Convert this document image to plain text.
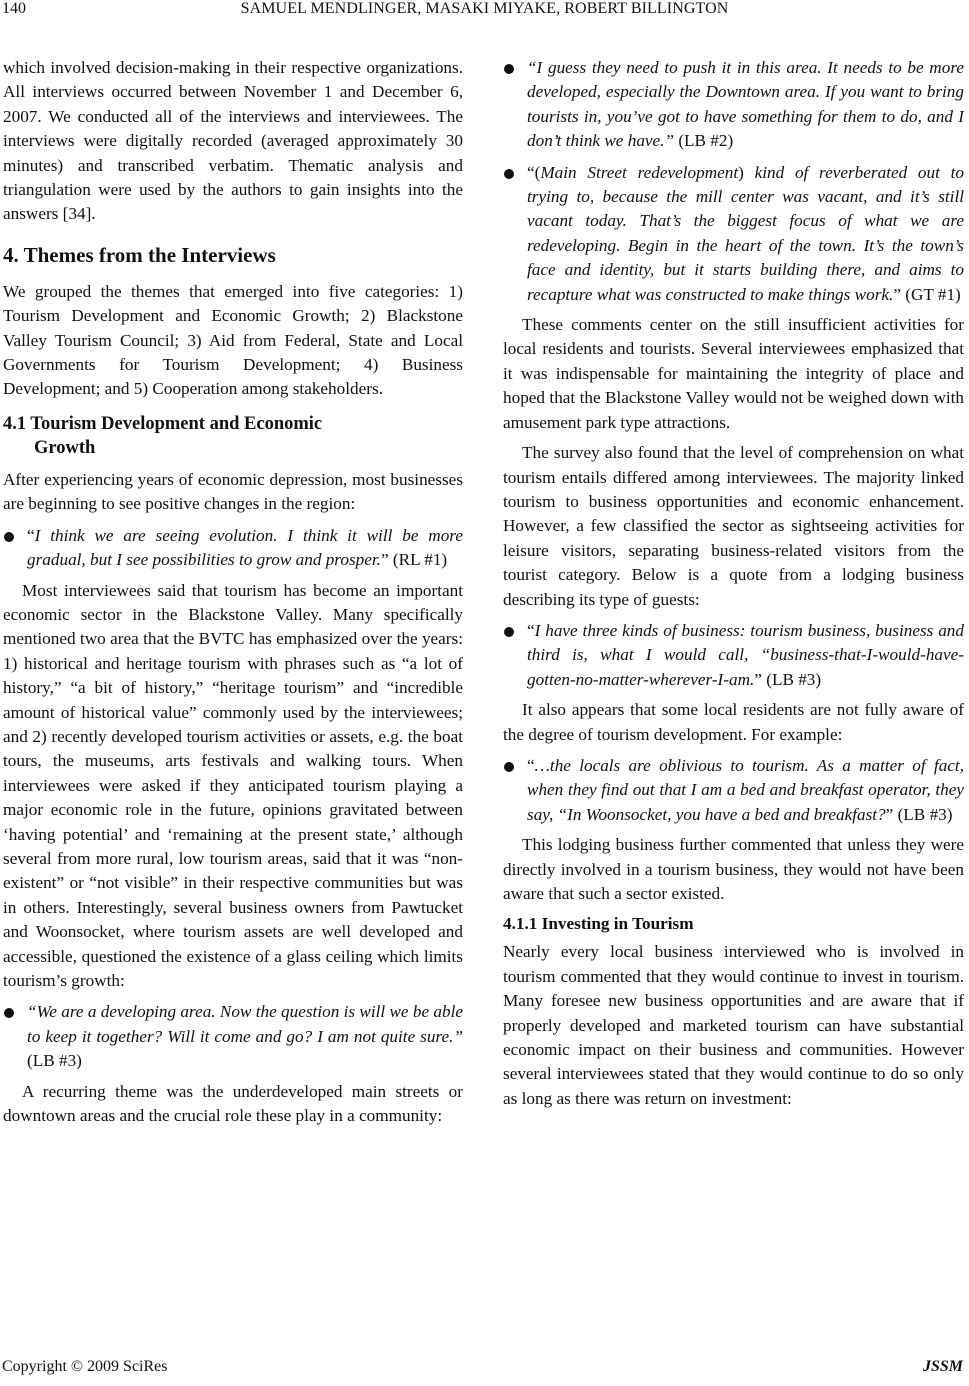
140	SAMUEL MENDLINGER, MASAKI MIYAKE, ROBERT BILLINGTON

which involved decision-making in their respective organizations. All interviews occurred between November 1 and December 6, 2007. We conducted all of the interviews and interviewees. The interviews were digitally recorded (averaged approximately 30 minutes) and transcribed verbatim. Thematic analysis and triangulation were used by the authors to gain insights into the answers [34].

4. Themes from the Interviews

We grouped the themes that emerged into five categories: 1) Tourism Development and Economic Growth; 2) Blackstone Valley Tourism Council; 3) Aid from Federal, State and Local Governments for Tourism Development; 4) Business Development; and 5) Cooperation among stakeholders.

4.1 Tourism Development and Economic
Growth

After experiencing years of economic depression, most businesses are beginning to see positive changes in the region:

“I think we are seeing evolution. I think it will be more gradual, but I see possibilities to grow and prosper.” (RL #1)

Most interviewees said that tourism has become an important economic sector in the Blackstone Valley. Many specifically mentioned two area that the BVTC has emphasized over the years: 1) historical and heritage tourism with phrases such as “a lot of history,” “a bit of history,” “heritage tourism” and “incredible amount of historical value” commonly used by the interviewees; and 2) recently developed tourism activities or assets, e.g. the boat tours, the museums, arts festivals and walking tours. When interviewees were asked if they anticipated tourism playing a major economic role in the future, opinions gravitated between ‘having potential’ and ‘remaining at the present state,’ although several from more rural, low tourism areas, said that it was “non-existent” or “not visible” in their respective communities but was in others. Interestingly, several business owners from Pawtucket and Woonsocket, where tourism assets are well developed and accessible, questioned the existence of a glass ceiling which limits tourism’s growth:

“We are a developing area. Now the question is will we be able to keep it together? Will it come and go? I am not quite sure.” (LB #3)

A recurring theme was the underdeveloped main streets or downtown areas and the crucial role these play in a community:

“I guess they need to push it in this area. It needs to be more developed, especially the Downtown area. If you want to bring tourists in, you’ve got to have something for them to do, and I don’t think we have.” (LB #2)
“(Main Street redevelopment) kind of reverberated out to trying to, because the mill center was vacant, and it’s still vacant today. That’s the biggest focus of what we are redeveloping. Begin in the heart of the town. It’s the town’s face and identity, but it starts building there, and aims to recapture what was constructed to make things work.” (GT #1)

These comments center on the still insufficient activities for local residents and tourists. Several interviewees emphasized that it was indispensable for maintaining the integrity of place and hoped that the Blackstone Valley would not be weighed down with amusement park type attractions.

The survey also found that the level of comprehension on what tourism entails differed among interviewees. The majority linked tourism to business opportunities and economic enhancement. However, a few classified the sector as sightseeing activities for leisure visitors, separating business-related visitors from the tourist category. Below is a quote from a lodging business describing its type of guests:

“I have three kinds of business: tourism business, business and third is, what I would call, “business-that-I-would-have-gotten-no-matter-wherever-I-am.” (LB #3)

It also appears that some local residents are not fully aware of the degree of tourism development. For example:

“…the locals are oblivious to tourism. As a matter of fact, when they find out that I am a bed and breakfast operator, they say, “In Woonsocket, you have a bed and breakfast?” (LB #3)

This lodging business further commented that unless they were directly involved in a tourism business, they would not have been aware that such a sector existed.

4.1.1 Investing in Tourism

Nearly every local business interviewed who is involved in tourism commented that they would continue to invest in tourism. Many foresee new business opportunities and are aware that if properly developed and marketed tourism can have substantial economic impact on their business and communities. However several interviewees stated that they would continue to do so only as long as there was return on investment:

Copyright © 2009 SciRes	JSSM
